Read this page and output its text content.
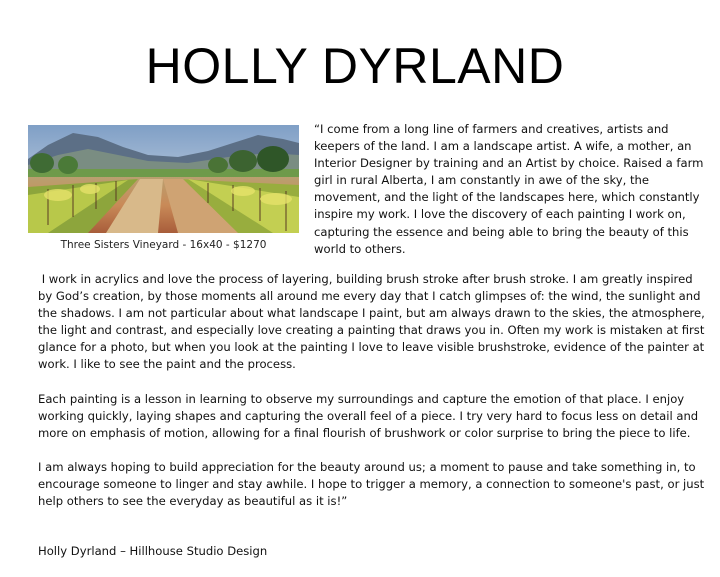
HOLLY DYRLAND
Three Sisters Vineyard - 16x40 - $1270

“I come from a long line of farmers and creatives, artists and keepers of the land. I am a landscape artist. A wife, a mother, an Interior Designer by training and an Artist by choice. Raised a farm girl in rural Alberta, I am constantly in awe of the sky, the movement, and the light of the landscapes here, which constantly inspire my work. I love the discovery of each painting I work on, capturing the essence and being able to bring the beauty of this world to others.

I work in acrylics and love the process of layering, building brush stroke after brush stroke. I am greatly inspired by God’s creation, by those moments all around me every day that I catch glimpses of: the wind, the sunlight and the shadows. I am not particular about what landscape I paint, but am always drawn to the skies, the atmosphere, the light and contrast, and especially love creating a painting that draws you in. Often my work is mistaken at first glance for a photo, but when you look at the painting I love to leave visible brushstroke, evidence of the painter at work. I like to see the paint and the process.

Each painting is a lesson in learning to observe my surroundings and capture the emotion of that place. I enjoy working quickly, laying shapes and capturing the overall feel of a piece. I try very hard to focus less on detail and more on emphasis of motion, allowing for a final flourish of brushwork or color surprise to bring the piece to life.

I am always hoping to build appreciation for the beauty around us; a moment to pause and take something in, to encourage someone to linger and stay awhile. I hope to trigger a memory, a connection to someone's past, or just help others to see the everyday as beautiful as it is!”

Holly Dyrland – Hillhouse Studio Design
